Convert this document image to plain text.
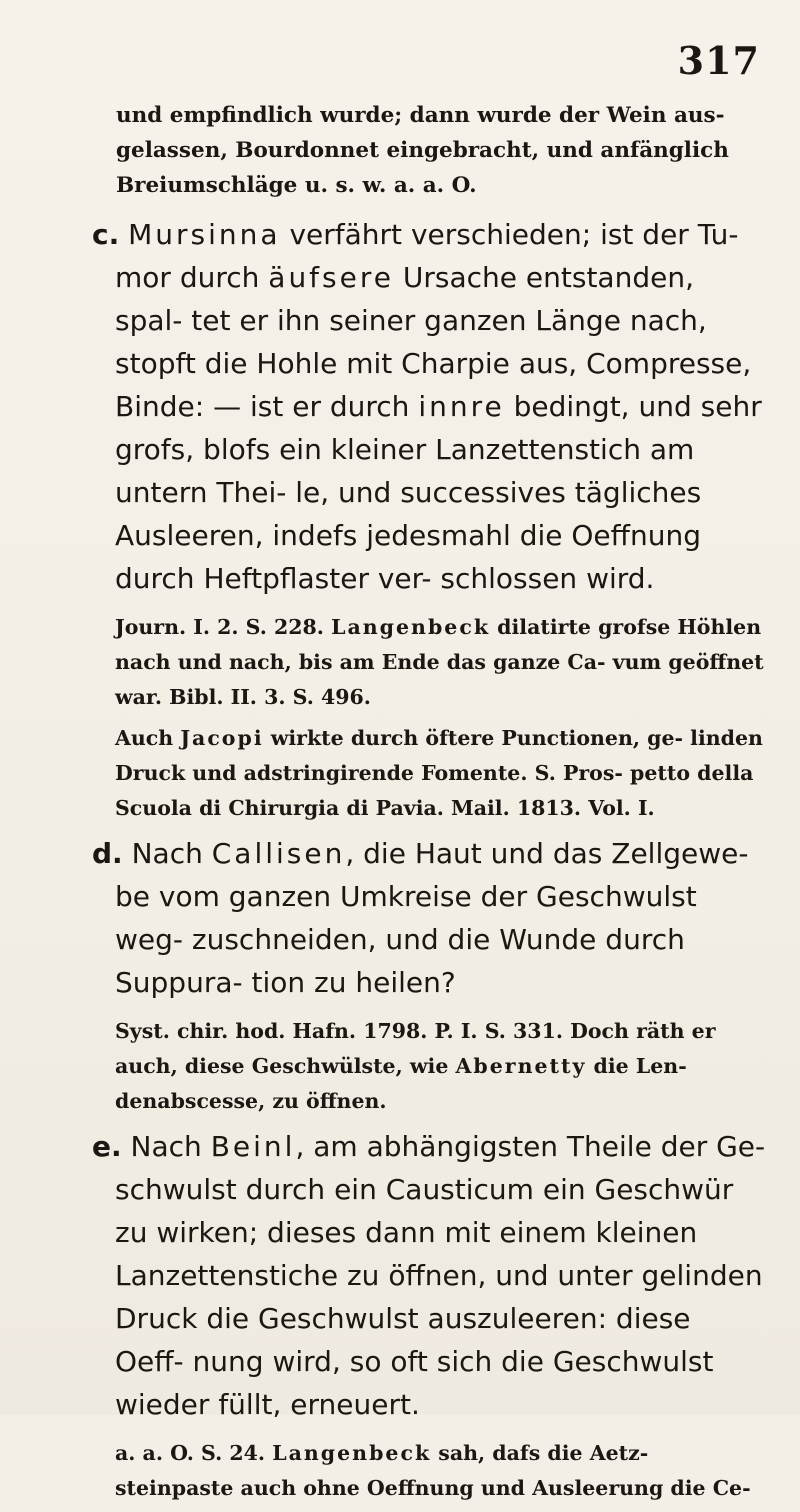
317

und empfindlich wurde; dann wurde der Wein aus- gelassen, Bourdonnet eingebracht, und anfänglich Breiumschläge u. s. w. a. a. O.

c. Mursinna verfährt verschieden; ist der Tu- mor durch äufsere Ursache entstanden, spal- tet er ihn seiner ganzen Länge nach, stopft die Hohle mit Charpie aus, Compresse, Binde: — ist er durch innre bedingt, und sehr grofs, blofs ein kleiner Lanzettenstich am untern Thei- le, und successives tägliches Ausleeren, indefs jedesmahl die Oeffnung durch Heftpflaster ver- schlossen wird.

Journ. I. 2. S. 228. Langenbeck dilatirte grofse Höhlen nach und nach, bis am Ende das ganze Ca- vum geöffnet war. Bibl. II. 3. S. 496.

Auch Jacopi wirkte durch öftere Punctionen, ge- linden Druck und adstringirende Fomente. S. Pros- petto della Scuola di Chirurgia di Pavia. Mail. 1813. Vol. I.

d. Nach Callisen, die Haut und das Zellgewe- be vom ganzen Umkreise der Geschwulst weg- zuschneiden, und die Wunde durch Suppura- tion zu heilen?

Syst. chir. hod. Hafn. 1798. P. I. S. 331. Doch räth er auch, diese Geschwülste, wie Abernetty die Len- denabscesse, zu öffnen.

e. Nach Beinl, am abhängigsten Theile der Ge- schwulst durch ein Causticum ein Geschwür zu wirken; dieses dann mit einem kleinen Lanzettenstiche zu öffnen, und unter gelinden Druck die Geschwulst auszuleeren: diese Oeff- nung wird, so oft sich die Geschwulst wieder füllt, erneuert.

a. a. O. S. 24. Langenbeck sah, dafs die Aetz- steinpaste auch ohne Oeffnung und Ausleerung die Ce-
